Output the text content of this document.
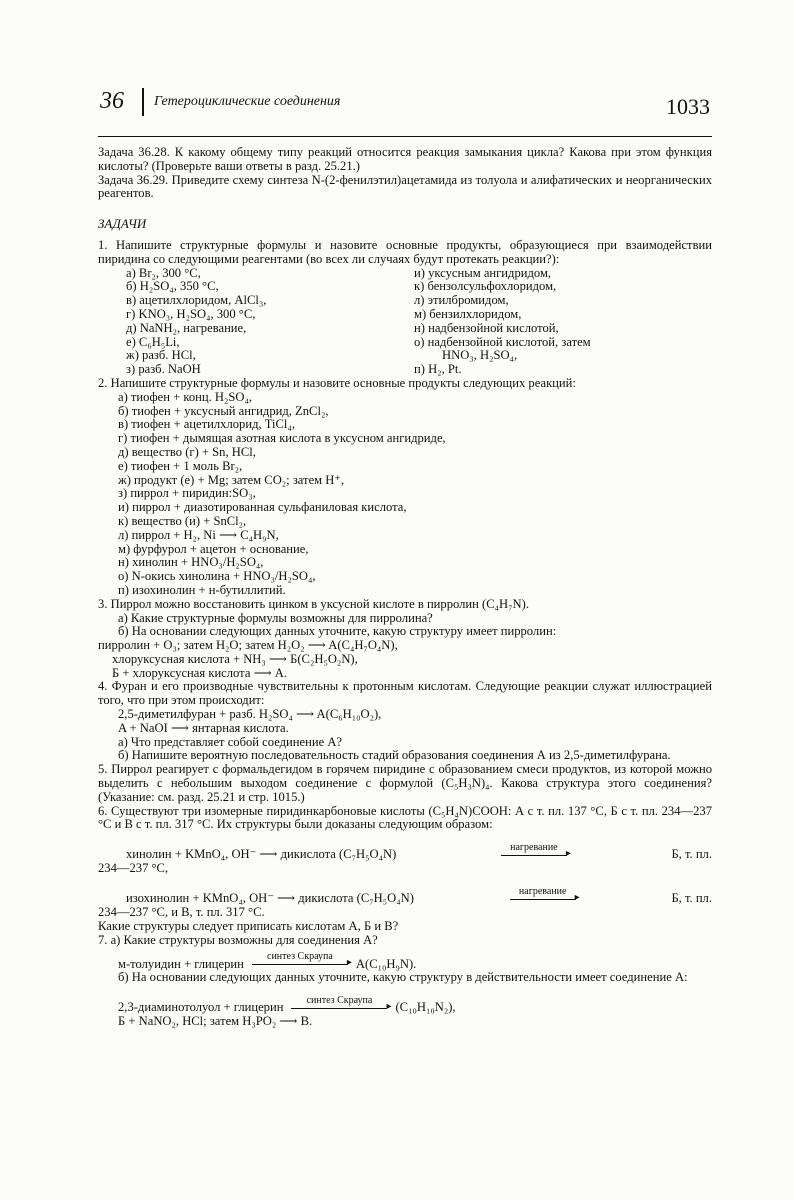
36 Гетероциклические соединения	1033

Задача 36.28. К какому общему типу реакций относится реакция замыкания цикла? Какова при этом функция кислоты? (Проверьте ваши ответы в разд. 25.21.)

Задача 36.29. Приведите схему синтеза N-(2-фенилэтил)ацетамида из толуола и алифатических и неорганических реагентов.

ЗАДАЧИ

1. Напишите структурные формулы и назовите основные продукты, образующиеся при взаимодействии пиридина со следующими реагентами (во всех ли случаях будут протекать реакции?):

а) Br₂, 300 °C,
б) H₂SO₄, 350 °C,
в) ацетилхлоридом, AlCl₃,
г) KNO₃, H₂SO₄, 300 °C,
д) NaNH₂, нагревание,
е) C₆H₅Li,
ж) разб. HCl,
з) разб. NaOH
и) уксусным ангидридом,
к) бензолсульфохлоридом,
л) этилбромидом,
м) бензилхлоридом,
н) надбензойной кислотой,
о) надбензойной кислотой, затем
HNO₃, H₂SO₄,
п) H₂, Pt.

2. Напишите структурные формулы и назовите основные продукты следующих реакций:

а) тиофен + конц. H₂SO₄,
б) тиофен + уксусный ангидрид, ZnCl₂,
в) тиофен + ацетилхлорид, TiCl₄,
г) тиофен + дымящая азотная кислота в уксусном ангидриде,
д) вещество (г) + Sn, HCl,
е) тиофен + 1 моль Br₂,
ж) продукт (е) + Mg; затем CO₂; затем H⁺,
з) пиррол + пиридин:SO₃,
и) пиррол + диазотированная сульфаниловая кислота,
к) вещество (и) + SnCl₂,
л) пиррол + H₂, Ni ⟶ C₄H₉N,
м) фурфурол + ацетон + основание,
н) хинолин + HNO₃/H₂SO₄,
о) N-окись хинолина + HNO₃/H₂SO₄,
п) изохинолин + н-бутиллитий.

3. Пиррол можно восстановить цинком в уксусной кислоте в пирролин (C₄H₇N).

а) Какие структурные формулы возможны для пирролина?

б) На основании следующих данных уточните, какую структуру имеет пирролин:

пирролин + O₃; затем H₂O; затем H₂O₂ ⟶ A(C₄H₇O₄N),

хлоруксусная кислота + NH₃ ⟶ Б(C₂H₅O₂N),

Б + хлоруксусная кислота ⟶ A.

4. Фуран и его производные чувствительны к протонным кислотам. Следующие реакции служат иллюстрацией того, что при этом происходит:

2,5-диметилфуран + разб. H₂SO₄ ⟶ A(C₆H₁₀O₂),

A + NaOI ⟶ янтарная кислота.

а) Что представляет собой соединение А?

б) Напишите вероятную последовательность стадий образования соединения А из 2,5-диметилфурана.

5. Пиррол реагирует с формальдегидом в горячем пиридине с образованием смеси продуктов, из которой можно выделить с небольшим выходом соединение с формулой (C₅H₃N)₄. Какова структура этого соединения? (Указание: см. разд. 25.21 и стр. 1015.)

6. Существуют три изомерные пиридинкарбоновые кислоты (C₅H₄N)COOH: А с т. пл. 137 °C, Б с т. пл. 234—237 °C и В с т. пл. 317 °C. Их структуры были доказаны следующим образом:

хинолин + KMnO₄, OH⁻ ⟶ дикислота (C₇H₅O₄N)	нагревание ▸	Б, т. пл.

234—237 °C,

изохинолин + KMnO₄, OH⁻ ⟶ дикислота (C₇H₅O₄N)	нагревание ▸	Б, т. пл.

234—237 °C, и В, т. пл. 317 °C.

Какие структуры следует приписать кислотам А, Б и В?

7. а) Какие структуры возможны для соединения А?

м-толуидин + глицерин	синтез Скраупа ▸	A(C₁₀H₉N).

б) На основании следующих данных уточните, какую структуру в действительности имеет соединение А:

2,3-диаминотолуол + глицерин	синтез Скраупа ▸	(C₁₀H₁₀N₂),

Б + NaNO₂, HCl; затем H₃PO₂ ⟶ B.
